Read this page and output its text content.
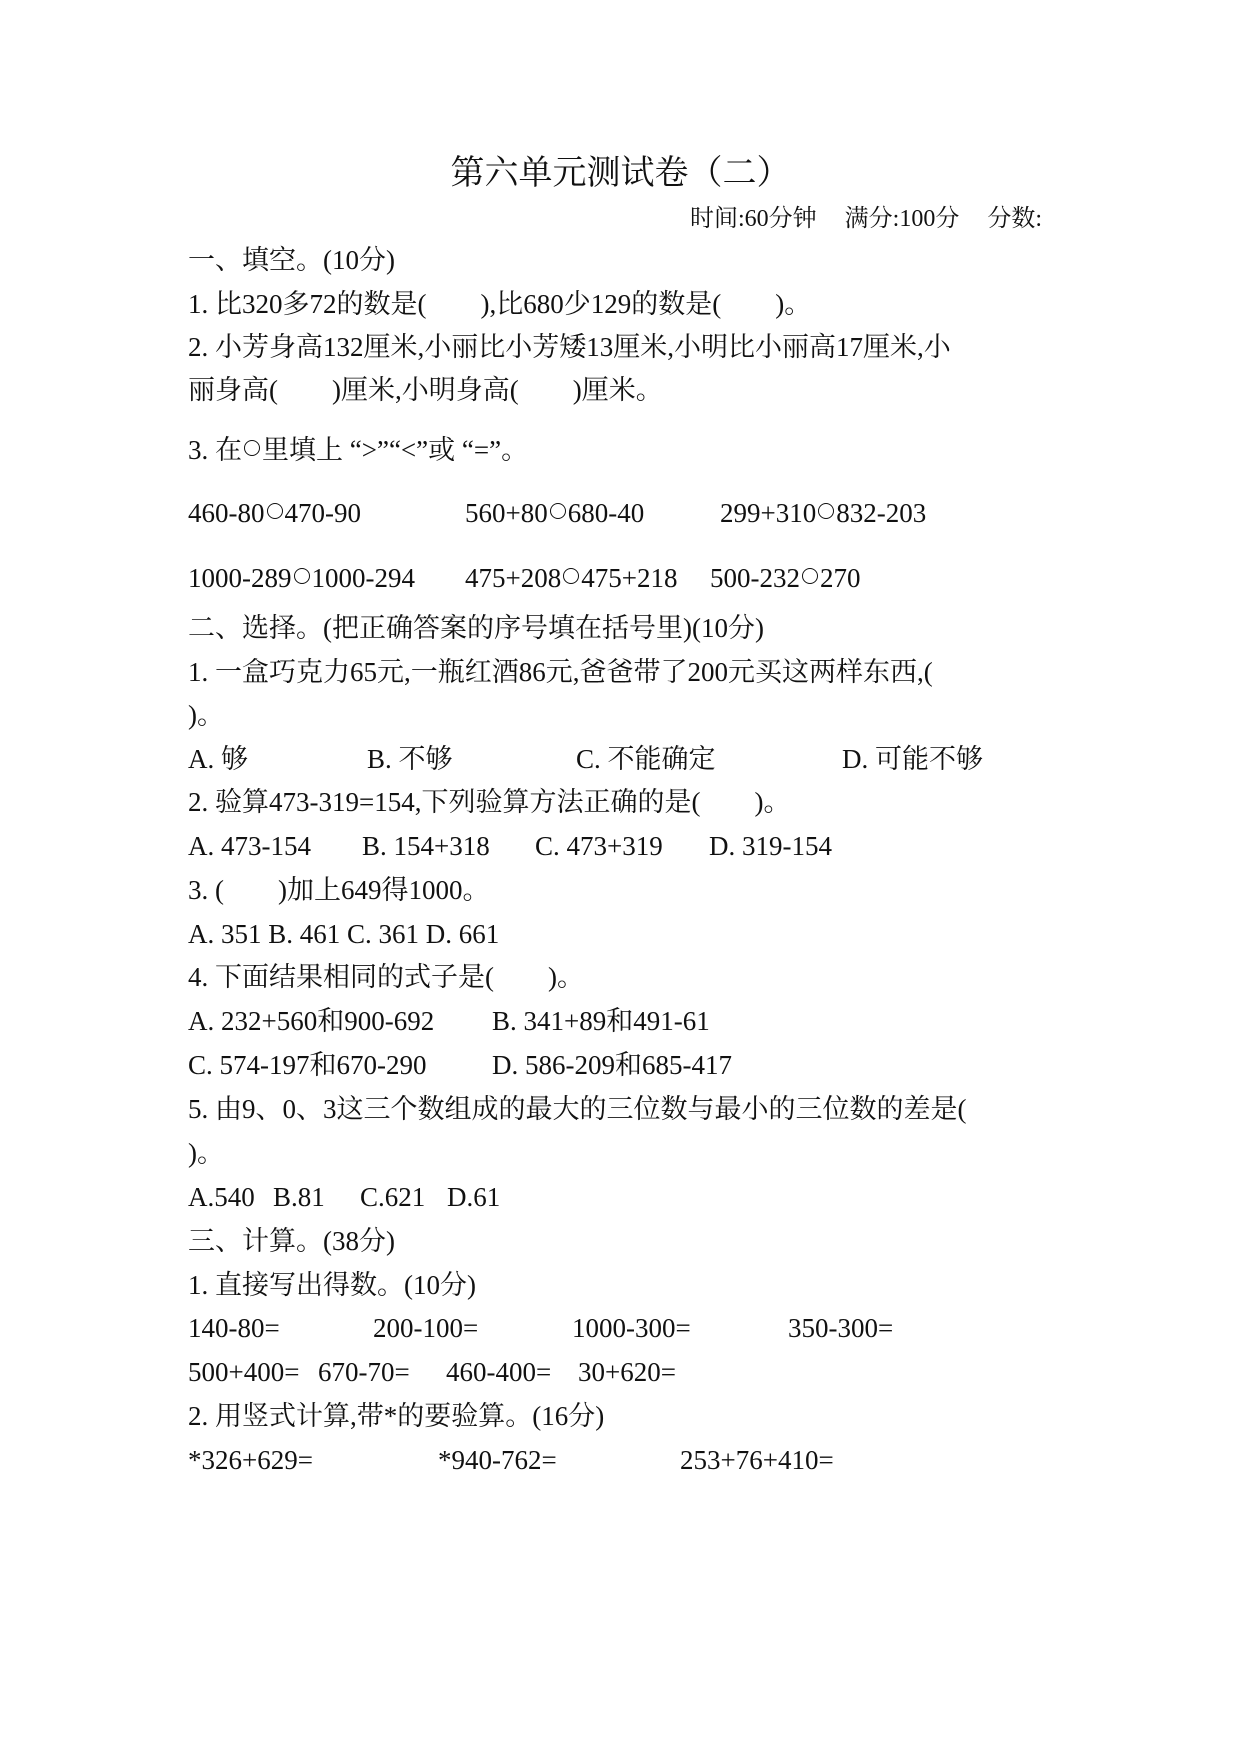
第六单元测试卷（二）
时间:60分钟 满分:100分 分数:
一、填空。(10分)
1. 比320多72的数是(　　),比680少129的数是(　　)。
2. 小芳身高132厘米,小丽比小芳矮13厘米,小明比小丽高17厘米,小
丽身高(　　)厘米,小明身高(　　)厘米。
3. 在 里填上 “>”“<”或 “=”。
460-80 470-90	560+80 680-40	299+310 832-203
1000-289 1000-294 475+208 475+218 500-232 270
二、选择。(把正确答案的序号填在括号里)(10分)
1. 一盒巧克力65元,一瓶红酒86元,爸爸带了200元买这两样东西,(
)。
A. 够	B. 不够	C. 不能确定	D. 可能不够
2. 验算473-319=154,下列验算方法正确的是(　　)。
A. 473-154 B. 154+318 C. 473+319 D. 319-154
3. (　　)加上649得1000。
A. 351 B. 461 C. 361 D. 661
4. 下面结果相同的式子是(　　)。
A. 232+560和900-692 B. 341+89和491-61
C. 574-197和670-290 D. 586-209和685-417
5. 由9、0、3这三个数组成的最大的三位数与最小的三位数的差是(
)。
A.540 B.81 C.621 D.61
三、计算。(38分)
1. 直接写出得数。(10分)
140-80=	200-100=	1000-300=	350-300=
500+400= 670-70= 460-400= 30+620=
2. 用竖式计算,带*的要验算。(16分)
*326+629=	*940-762=	253+76+410=
